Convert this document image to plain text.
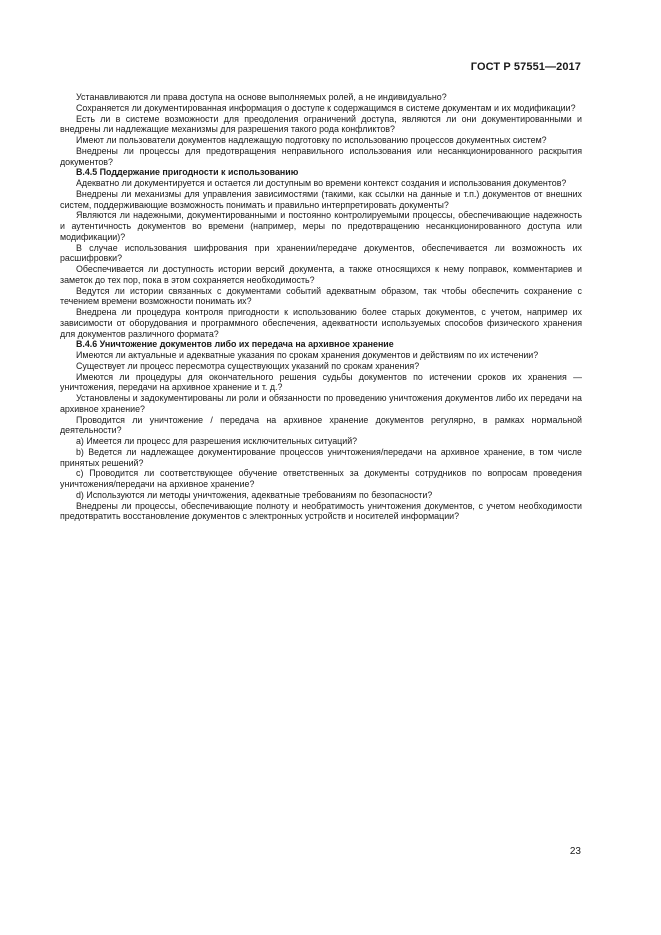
ГОСТ Р 57551—2017

Устанавливаются ли права доступа на основе выполняемых ролей, а не индивидуально?

Сохраняется ли документированная информация о доступе к содержащимся в системе документам и их модификации?

Есть ли в системе возможности для преодоления ограничений доступа, являются ли они документированными и внедрены ли надлежащие механизмы для разрешения такого рода конфликтов?

Имеют ли пользователи документов надлежащую подготовку по использованию процессов документных систем?

Внедрены ли процессы для предотвращения неправильного использования или несанкционированного раскрытия документов?

В.4.5 Поддержание пригодности к использованию

Адекватно ли документируется и остается ли доступным во времени контекст создания и использования документов?

Внедрены ли механизмы для управления зависимостями (такими, как ссылки на данные и т.п.) документов от внешних систем, поддерживающие возможность понимать и правильно интерпретировать документы?

Являются ли надежными, документированными и постоянно контролируемыми процессы, обеспечивающие надежность и аутентичность документов во времени (например, меры по предотвращению несанкционированного доступа или модификации)?

В случае использования шифрования при хранении/передаче документов, обеспечивается ли возможность их расшифровки?

Обеспечивается ли доступность истории версий документа, а также относящихся к нему поправок, комментариев и заметок до тех пор, пока в этом сохраняется необходимость?

Ведутся ли истории связанных с документами событий адекватным образом, так чтобы обеспечить сохранение с течением времени возможности понимать их?

Внедрена ли процедура контроля пригодности к использованию более старых документов, с учетом, например их зависимости от оборудования и программного обеспечения, адекватности используемых способов физического хранения для документов различного формата?

В.4.6 Уничтожение документов либо их передача на архивное хранение

Имеются ли актуальные и адекватные указания по срокам хранения документов и действиям по их истечении?

Существует ли процесс пересмотра существующих указаний по срокам хранения?

Имеются ли процедуры для окончательного решения судьбы документов по истечении сроков их хранения — уничтожения, передачи на архивное хранение и т. д.?

Установлены и задокументированы ли роли и обязанности по проведению уничтожения документов либо их передачи на архивное хранение?

Проводится ли уничтожение / передача на архивное хранение документов регулярно, в рамках нормальной деятельности?

а) Имеется ли процесс для разрешения исключительных ситуаций?

b) Ведется ли надлежащее документирование процессов уничтожения/передачи на архивное хранение, в том числе принятых решений?

c) Проводится ли соответствующее обучение ответственных за документы сотрудников по вопросам проведения уничтожения/передачи на архивное хранение?

d) Используются ли методы уничтожения, адекватные требованиям по безопасности?

Внедрены ли процессы, обеспечивающие полноту и необратимость уничтожения документов, с учетом необходимости предотвратить восстановление документов с электронных устройств и носителей информации?

23
